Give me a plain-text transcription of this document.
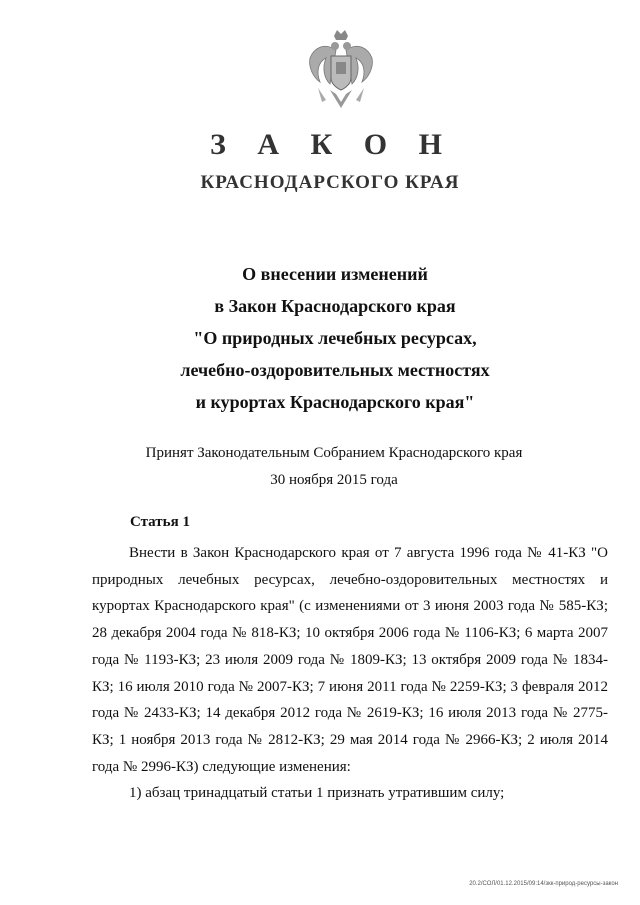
З А К О Н
КРАСНОДАРСКОГО КРАЯ
О внесении изменений
в Закон Краснодарского края
"О природных лечебных ресурсах,
лечебно-оздоровительных местностях
и курортах Краснодарского края"
Принят Законодательным Собранием Краснодарского края
30 ноября 2015 года
Статья 1

Внести в Закон Краснодарского края от 7 августа 1996 года № 41-КЗ "О природных лечебных ресурсах, лечебно-оздоровительных местностях и курортах Краснодарского края" (с изменениями от 3 июня 2003 года № 585-КЗ; 28 декабря 2004 года № 818-КЗ; 10 октября 2006 года № 1106-КЗ; 6 марта 2007 года № 1193-КЗ; 23 июля 2009 года № 1809-КЗ; 13 октября 2009 года № 1834-КЗ; 16 июля 2010 года № 2007-КЗ; 7 июня 2011 года № 2259-КЗ; 3 февраля 2012 года № 2433-КЗ; 14 декабря 2012 года № 2619-КЗ; 16 июля 2013 года № 2775-КЗ; 1 ноября 2013 года № 2812-КЗ; 29 мая 2014 года № 2966-КЗ; 2 июля 2014 года № 2996-КЗ) следующие изменения:

1) абзац тринадцатый статьи 1 признать утратившим силу;

20.2/СОЛ/01.12.2015/09:14/зкк-природ-ресурсы-закон
